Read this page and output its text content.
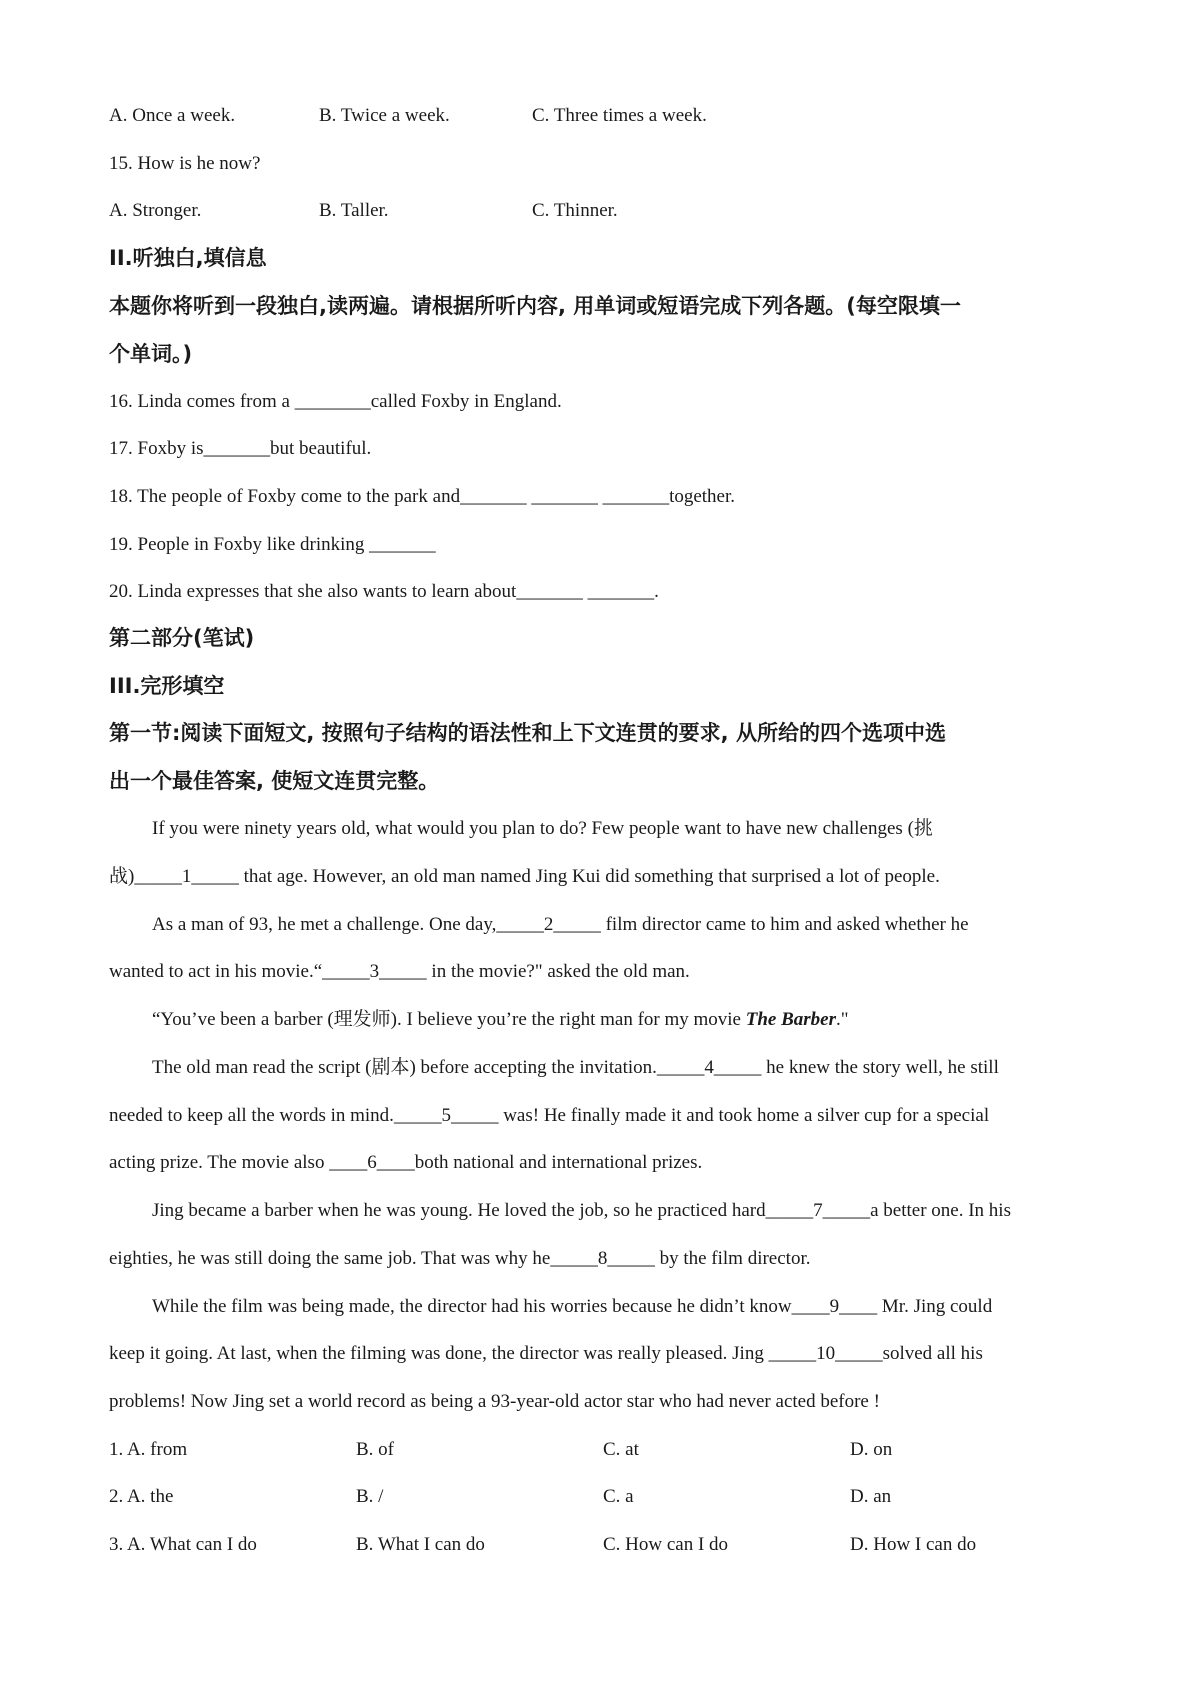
A. Once a week.	B. Twice a week.	C. Three times a week.
15. How is he now?
A. Stronger.	B. Taller.	C. Thinner.
II.听独白,填信息
本题你将听到一段独白,读两遍。请根据所听内容, 用单词或短语完成下列各题。(每空限填一
个单词。)
16. Linda comes from a ________called Foxby in England.
17. Foxby is_______but beautiful.
18. The people of Foxby come to the park and_______ _______ _______together.
19. People in Foxby like drinking _______
20. Linda expresses that she also wants to learn about_______ _______.
第二部分(笔试)
III.完形填空
第一节:阅读下面短文, 按照句子结构的语法性和上下文连贯的要求, 从所给的四个选项中选
出一个最佳答案, 使短文连贯完整。
If you were ninety years old, what would you plan to do? Few people want to have new challenges (挑
战)_____1_____ that age. However, an old man named Jing Kui did something that surprised a lot of people.
As a man of 93, he met a challenge. One day,_____2_____ film director came to him and asked whether he
wanted to act in his movie.“_____3_____ in the movie?" asked the old man.
“You’ve been a barber (理发师). I believe you’re the right man for my movie The Barber."
The old man read the script (剧本) before accepting the invitation._____4_____ he knew the story well, he still
needed to keep all the words in mind._____5_____ was! He finally made it and took home a silver cup for a special
acting prize. The movie also ____6____both national and international prizes.
Jing became a barber when he was young. He loved the job, so he practiced hard_____7_____a better one. In his
eighties, he was still doing the same job. That was why he_____8_____ by the film director.
While the film was being made, the director had his worries because he didn’t know____9____ Mr. Jing could
keep it going. At last, when the filming was done, the director was really pleased. Jing _____10_____solved all his
problems! Now Jing set a world record as being a 93-year-old actor star who had never acted before !
1. A. from	B. of	C. at	D. on
2. A. the	B. /	C. a	D. an
3. A. What can I do	B. What I can do	C. How can I do	D. How I can do
